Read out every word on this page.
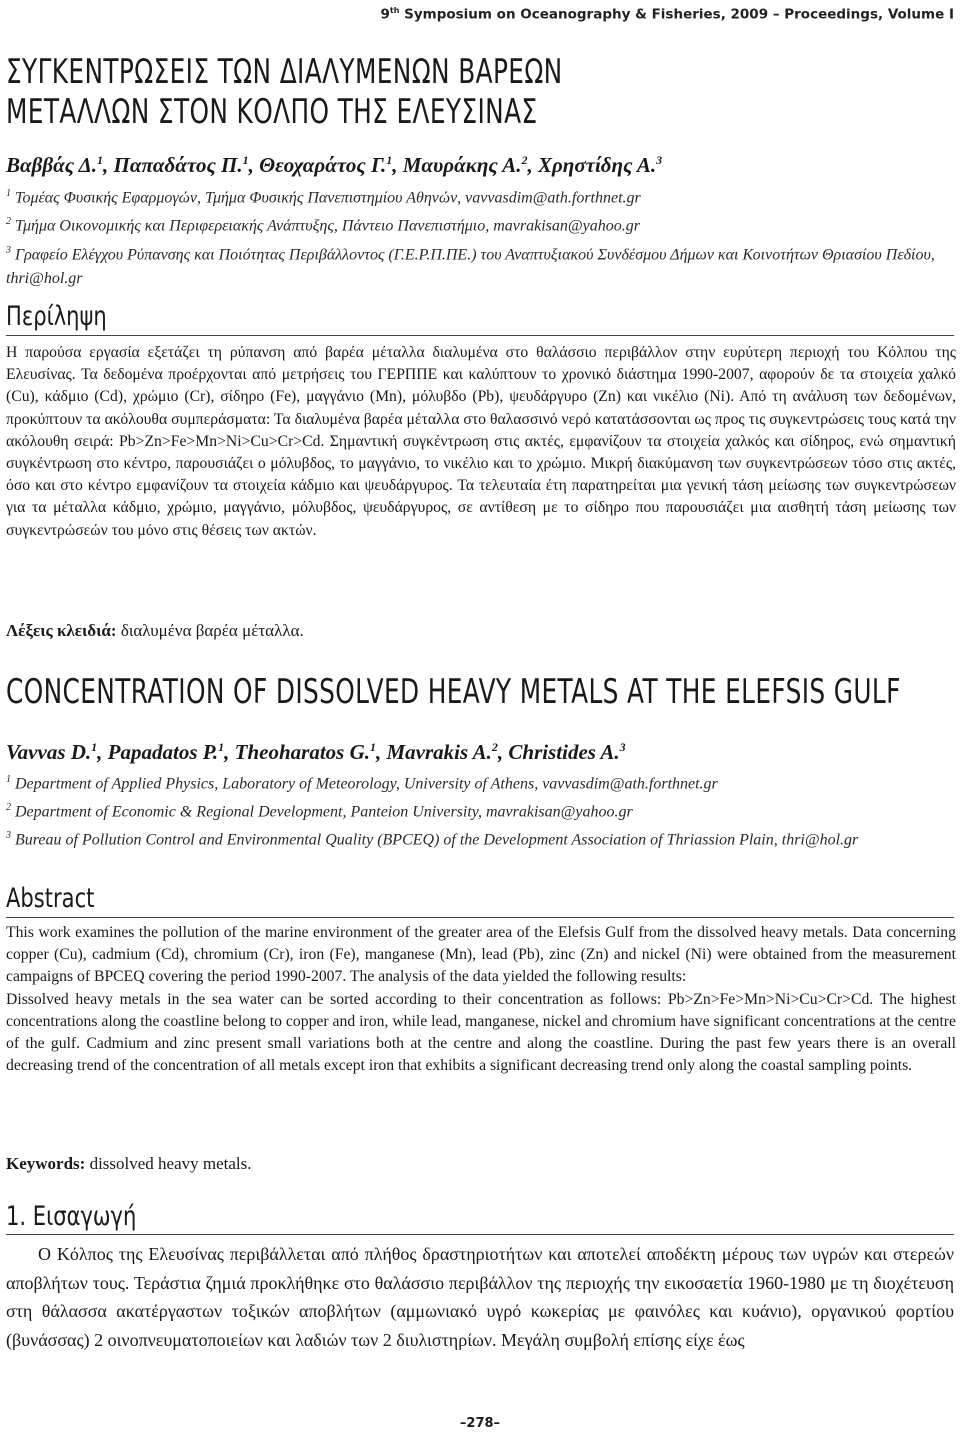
9th Symposium on Oceanography & Fisheries, 2009 – Proceedings, Volume I
ΣΥΓΚΕΝΤΡΩΣΕΙΣ ΤΩΝ ΔΙΑΛΥΜΕΝΩΝ ΒΑΡΕΩΝ
ΜΕΤΑΛΛΩΝ ΣΤΟΝ ΚΟΛΠΟ ΤΗΣ ΕΛΕΥΣΙΝΑΣ
Βαββάς Δ.$^1$, Παπαδάτος Π.$^1$, Θεοχαράτος Γ.$^1$, Μαυράκης Α.$^2$, Χρηστίδης Α.$^3$
$^1$ Τομέας Φυσικής Εφαρμογών, Τμήμα Φυσικής Πανεπιστημίου Αθηνών, vavvasdim@ath.forthnet.gr
$^2$ Τμήμα Οικονομικής και Περιφερειακής Ανάπτυξης, Πάντειο Πανεπιστήμιο, mavrakisan@yahoo.gr
$^3$ Γραφείο Ελέγχου Ρύπανσης και Ποιότητας Περιβάλλοντος (Γ.Ε.Ρ.Π.ΠΕ.) του Αναπτυξιακού Συνδέσμου Δήμων και Κοινοτήτων Θριασίου Πεδίου, thri@hol.gr
Περίληψη
Η παρούσα εργασία εξετάζει τη ρύπανση από βαρέα μέταλλα διαλυμένα στο θαλάσσιο περιβάλλον στην ευρύτερη περιοχή του Κόλπου της Ελευσίνας. Τα δεδομένα προέρχονται από μετρήσεις του ΓΕΡΠΠΕ και καλύπτουν το χρονικό διάστημα 1990-2007, αφορούν δε τα στοιχεία χαλκό (Cu), κάδμιο (Cd), χρώμιο (Cr), σίδηρο (Fe), μαγγάνιο (Mn), μόλυβδο (Pb), ψευδάργυρο (Zn) και νικέλιο (Ni). Από τη ανάλυση των δεδομένων, προκύπτουν τα ακόλουθα συμπεράσματα: Τα διαλυμένα βαρέα μέταλλα στο θαλασσινό νερό κατατάσσονται ως προς τις συγκεντρώσεις τους κατά την ακόλουθη σειρά: Pb>Zn>Fe>Mn>Ni>Cu>Cr>Cd. Σημαντική συγκέντρωση στις ακτές, εμφανίζουν τα στοιχεία χαλκός και σίδηρος, ενώ σημαντική συγκέντρωση στο κέντρο, παρουσιάζει ο μόλυβδος, το μαγγάνιο, το νικέλιο και το χρώμιο. Μικρή διακύμανση των συγκεντρώσεων τόσο στις ακτές, όσο και στο κέντρο εμφανίζουν τα στοιχεία κάδμιο και ψευδάργυρος. Τα τελευταία έτη παρατηρείται μια γενική τάση μείωσης των συγκεντρώσεων για τα μέταλλα κάδμιο, χρώμιο, μαγγάνιο, μόλυβδος, ψευδάργυρος, σε αντίθεση με το σίδηρο που παρουσιάζει μια αισθητή τάση μείωσης των συγκεντρώσεών του μόνο στις θέσεις των ακτών.
Λέξεις κλειδιά: διαλυμένα βαρέα μέταλλα.
CONCENTRATION OF DISSOLVED HEAVY METALS AT THE ELEFSIS GULF
Vavvas D.$^1$, Papadatos P.$^1$, Theoharatos G.$^1$, Mavrakis A.$^2$, Christides A.$^3$
$^1$ Department of Applied Physics, Laboratory of Meteorology, University of Athens, vavvasdim@ath.forthnet.gr
$^2$ Department of Economic & Regional Development, Panteion University, mavrakisan@yahoo.gr
$^3$ Bureau of Pollution Control and Environmental Quality (BPCEQ) of the Development Association of Thriassion Plain, thri@hol.gr
Abstract
This work examines the pollution of the marine environment of the greater area of the Elefsis Gulf from the dissolved heavy metals. Data concerning copper (Cu), cadmium (Cd), chromium (Cr), iron (Fe), manganese (Mn), lead (Pb), zinc (Zn) and nickel (Ni) were obtained from the measurement campaigns of BPCEQ covering the period 1990-2007. The analysis of the data yielded the following results:
Dissolved heavy metals in the sea water can be sorted according to their concentration as follows: Pb>Zn>Fe>Mn>Ni>Cu>Cr>Cd. The highest concentrations along the coastline belong to copper and iron, while lead, manganese, nickel and chromium have significant concentrations at the centre of the gulf. Cadmium and zinc present small variations both at the centre and along the coastline. During the past few years there is an overall decreasing trend of the concentration of all metals except iron that exhibits a significant decreasing trend only along the coastal sampling points.
Keywords: dissolved heavy metals.
1. Εισαγωγή
Ο Κόλπος της Ελευσίνας περιβάλλεται από πλήθος δραστηριοτήτων και αποτελεί αποδέκτη μέρους των υγρών και στερεών αποβλήτων τους. Τεράστια ζημιά προκλήθηκε στο θαλάσσιο περιβάλλον της περιοχής την εικοσαετία 1960-1980 με τη διοχέτευση στη θάλασσα ακατέργαστων τοξικών αποβλήτων (αμμωνιακό υγρό κωκερίας με φαινόλες και κυάνιο), οργανικού φορτίου (βυνάσσας) 2 οινοπνευματοποιείων και λαδιών των 2 διυλιστηρίων. Μεγάλη συμβολή επίσης είχε έως
–278–
